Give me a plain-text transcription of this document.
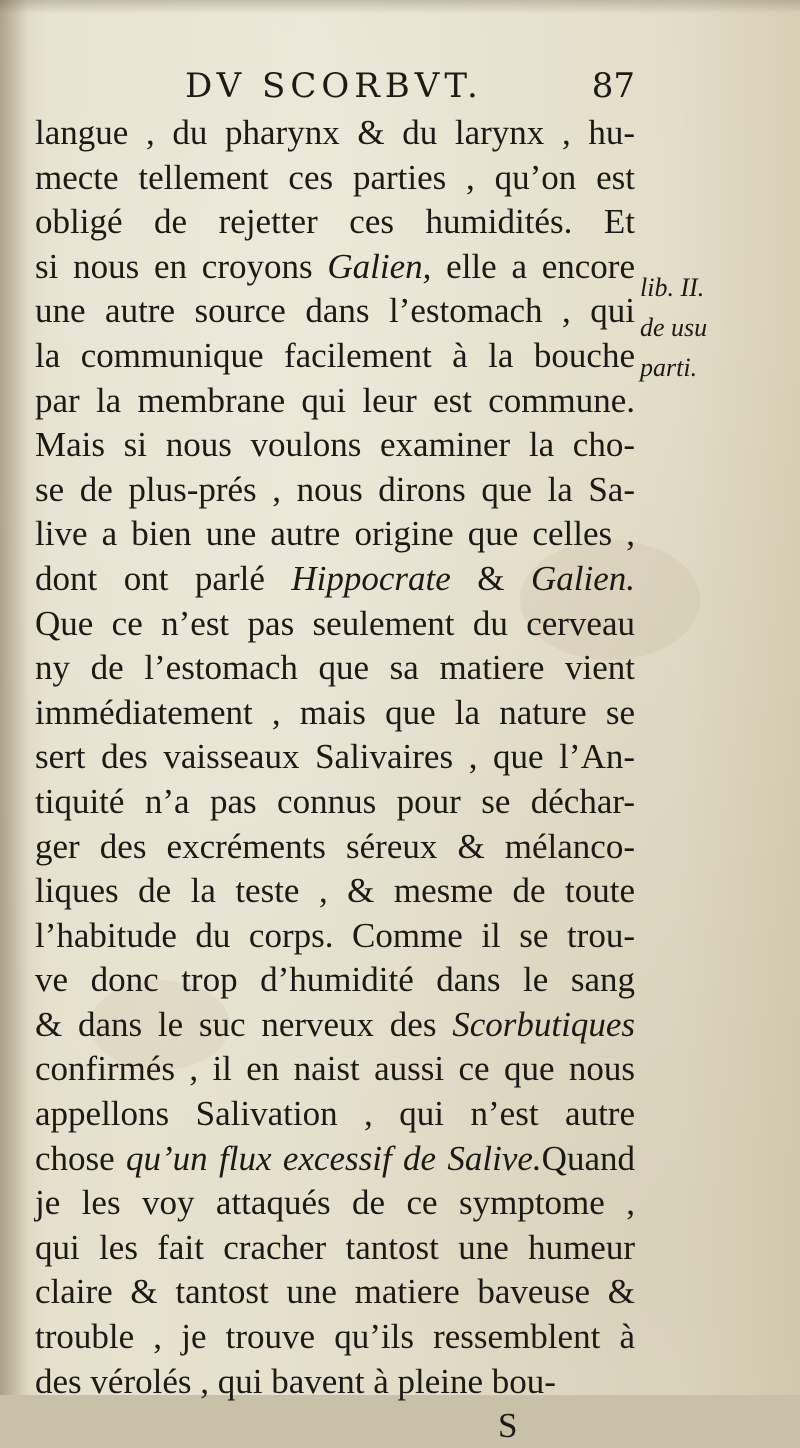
DV SCORBVT.	87
langue , du pharynx & du larynx , hu-
mecte tellement ces parties , qu’on est
obligé de rejetter ces humidités. Et
si nous en croyons Galien, elle a encore
une autre source dans l’estomach , qui
la communique facilement à la bouche
par la membrane qui leur est commune.
Mais si nous voulons examiner la cho-
se de plus-prés , nous dirons que la Sa-
live a bien une autre origine que celles ,
dont ont parlé Hippocrate & Galien.
Que ce n’est pas seulement du cerveau
ny de l’estomach que sa matiere vient
immédiatement , mais que la nature se
sert des vaisseaux Salivaires , que l’An-
tiquité n’a pas connus pour se déchar-
ger des excréments séreux & mélanco-
liques de la teste , & mesme de toute
l’habitude du corps. Comme il se trou-
ve donc trop d’humidité dans le sang
& dans le suc nerveux des Scorbutiques
confirmés , il en naist aussi ce que nous
appellons Salivation , qui n’est autre
chose qu’un flux excessif de Salive.Quand
je les voy attaqués de ce symptome ,
qui les fait cracher tantost une humeur
claire & tantost une matiere baveuse &
trouble , je trouve qu’ils ressemblent à
des vérolés , qui bavent à pleine bou-
S
lib. II.
de usu
parti.
